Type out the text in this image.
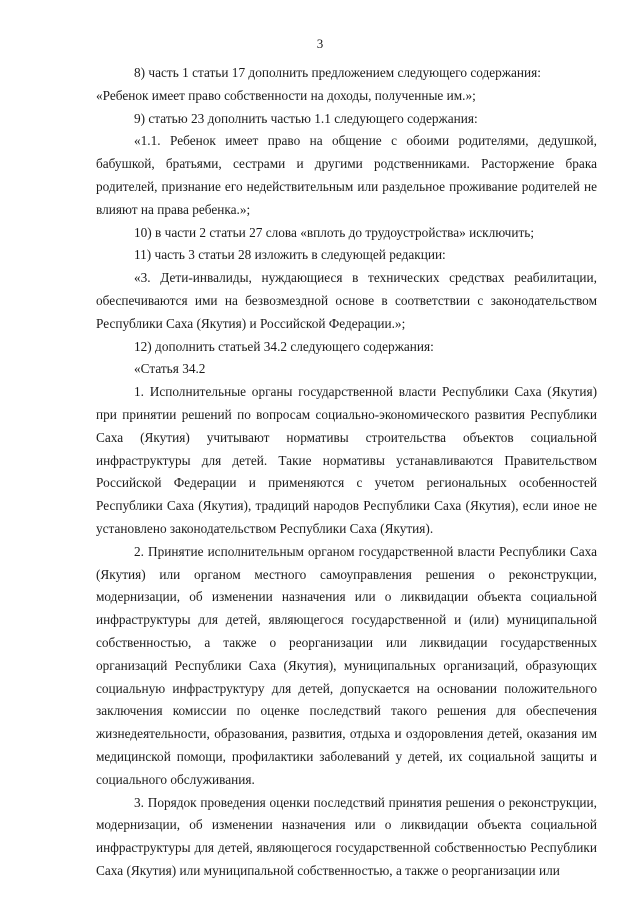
3

8) часть 1 статьи 17 дополнить предложением следующего содержания:
«Ребенок имеет право собственности на доходы, полученные им.»;

9) статью 23 дополнить частью 1.1 следующего содержания:

«1.1. Ребенок имеет право на общение с обоими родителями, дедушкой, бабушкой, братьями, сестрами и другими родственниками. Расторжение брака родителей, признание его недействительным или раздельное проживание родителей не влияют на права ребенка.»;

10) в части 2 статьи 27 слова «вплоть до трудоустройства» исключить;

11) часть 3 статьи 28 изложить в следующей редакции:

«3. Дети-инвалиды, нуждающиеся в технических средствах реабилитации, обеспечиваются ими на безвозмездной основе в соответствии с законодательством Республики Саха (Якутия) и Российской Федерации.»;

12) дополнить статьей 34.2 следующего содержания:

«Статья 34.2

1. Исполнительные органы государственной власти Республики Саха (Якутия) при принятии решений по вопросам социально-экономического развития Республики Саха (Якутия) учитывают нормативы строительства объектов социальной инфраструктуры для детей. Такие нормативы устанавливаются Правительством Российской Федерации и применяются с учетом региональных особенностей Республики Саха (Якутия), традиций народов Республики Саха (Якутия), если иное не установлено законодательством Республики Саха (Якутия).

2. Принятие исполнительным органом государственной власти Республики Саха (Якутия) или органом местного самоуправления решения о реконструкции, модернизации, об изменении назначения или о ликвидации объекта социальной инфраструктуры для детей, являющегося государственной и (или) муниципальной собственностью, а также о реорганизации или ликвидации государственных организаций Республики Саха (Якутия), муниципальных организаций, образующих социальную инфраструктуру для детей, допускается на основании положительного заключения комиссии по оценке последствий такого решения для обеспечения жизнедеятельности, образования, развития, отдыха и оздоровления детей, оказания им медицинской помощи, профилактики заболеваний у детей, их социальной защиты и социального обслуживания.

3. Порядок проведения оценки последствий принятия решения о реконструкции, модернизации, об изменении назначения или о ликвидации объекта социальной инфраструктуры для детей, являющегося государственной собственностью Республики Саха (Якутия) или муниципальной собственностью, а также о реорганизации или
